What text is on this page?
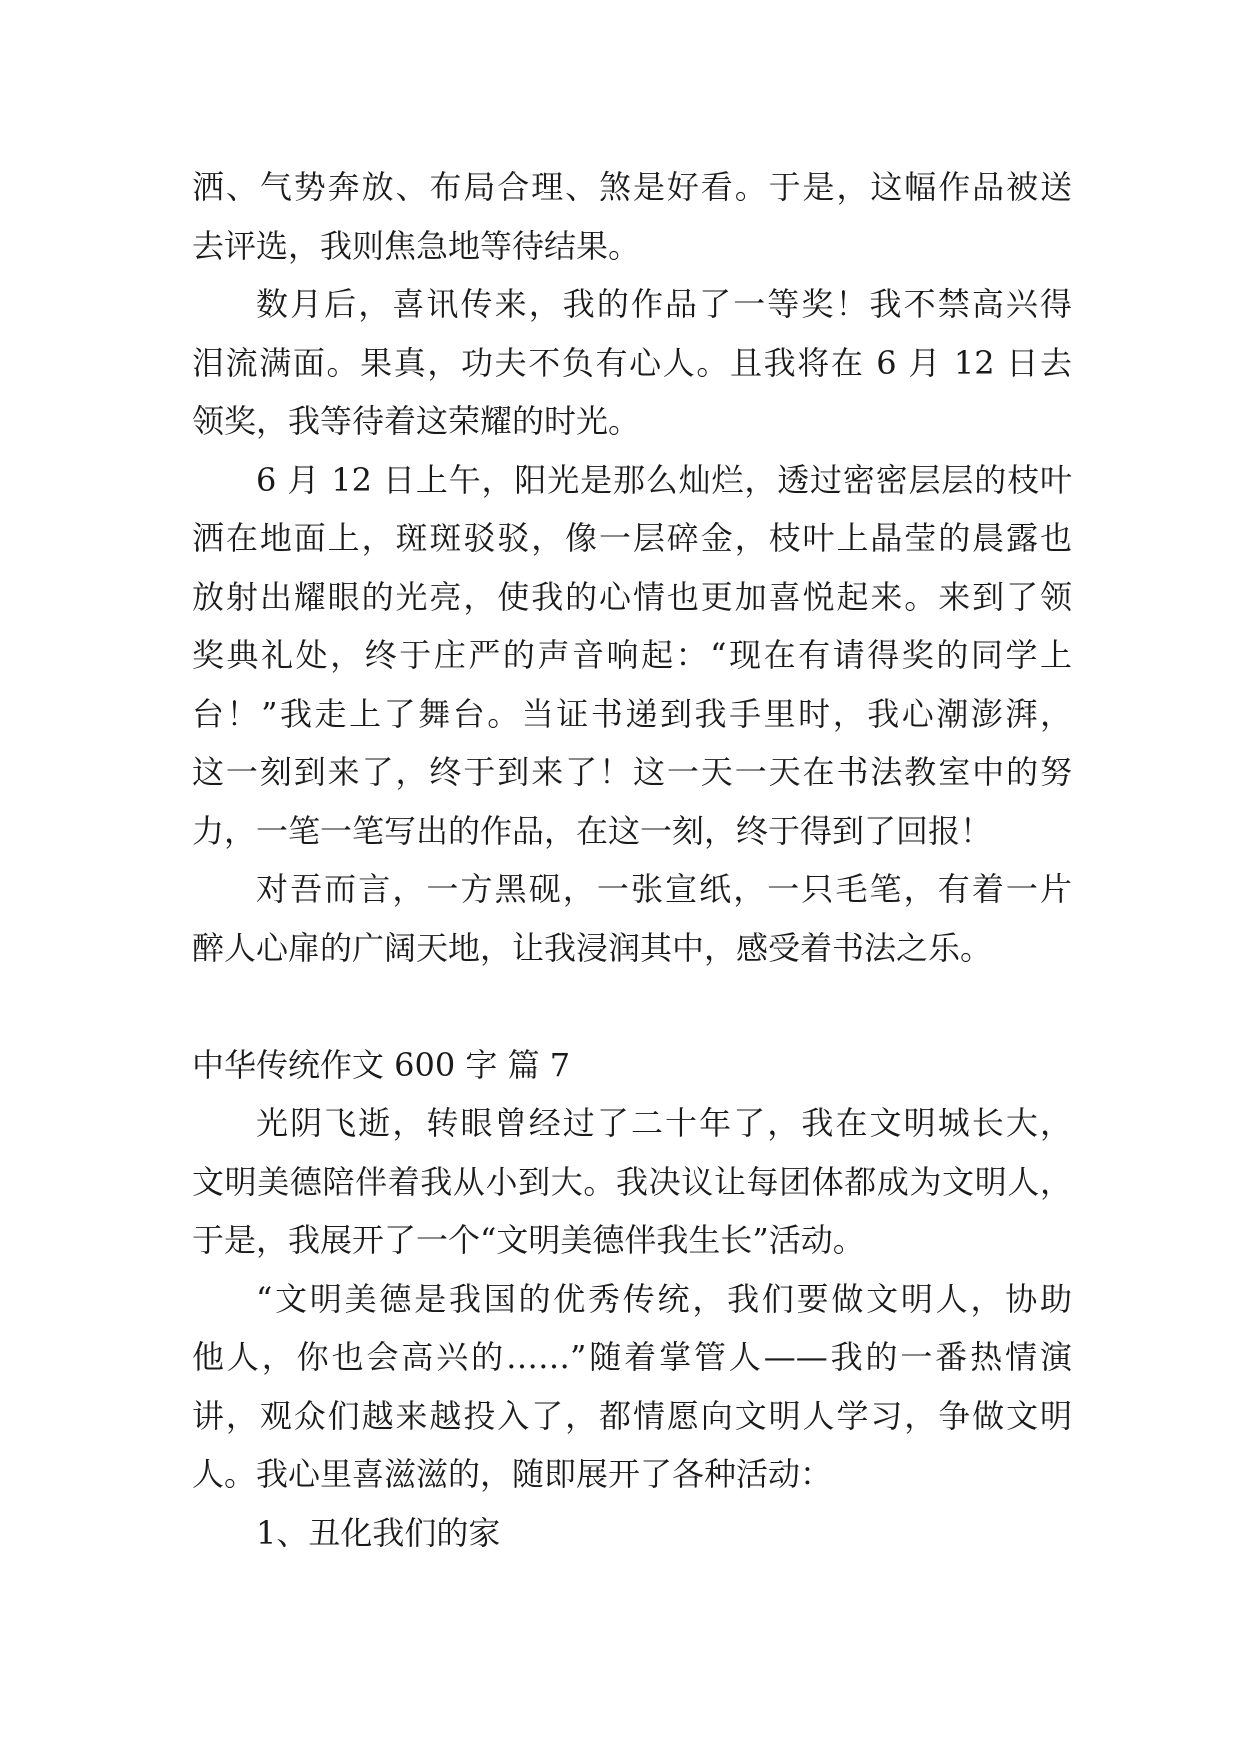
洒、气势奔放、布局合理、煞是好看。于是，这幅作品被送
去评选，我则焦急地等待结果。
数月后，喜讯传来，我的作品了一等奖！我不禁高兴得
泪流满面。果真，功夫不负有心人。且我将在 6 月 12 日去
领奖，我等待着这荣耀的时光。
6 月 12 日上午，阳光是那么灿烂，透过密密层层的枝叶
洒在地面上，斑斑驳驳，像一层碎金，枝叶上晶莹的晨露也
放射出耀眼的光亮，使我的心情也更加喜悦起来。来到了领
奖典礼处，终于庄严的声音响起：“现在有请得奖的同学上
台！”我走上了舞台。当证书递到我手里时，我心潮澎湃，
这一刻到来了，终于到来了！这一天一天在书法教室中的努
力，一笔一笔写出的作品，在这一刻，终于得到了回报！
对吾而言，一方黑砚，一张宣纸，一只毛笔，有着一片
醉人心扉的广阔天地，让我浸润其中，感受着书法之乐。
中华传统作文 600 字 篇 7
光阴飞逝，转眼曾经过了二十年了，我在文明城长大，
文明美德陪伴着我从小到大。我决议让每团体都成为文明人，
于是，我展开了一个“文明美德伴我生长”活动。
“文明美德是我国的优秀传统，我们要做文明人，协助
他人，你也会高兴的……”随着掌管人——我的一番热情演
讲，观众们越来越投入了，都情愿向文明人学习，争做文明
人。我心里喜滋滋的，随即展开了各种活动：
1、丑化我们的家
